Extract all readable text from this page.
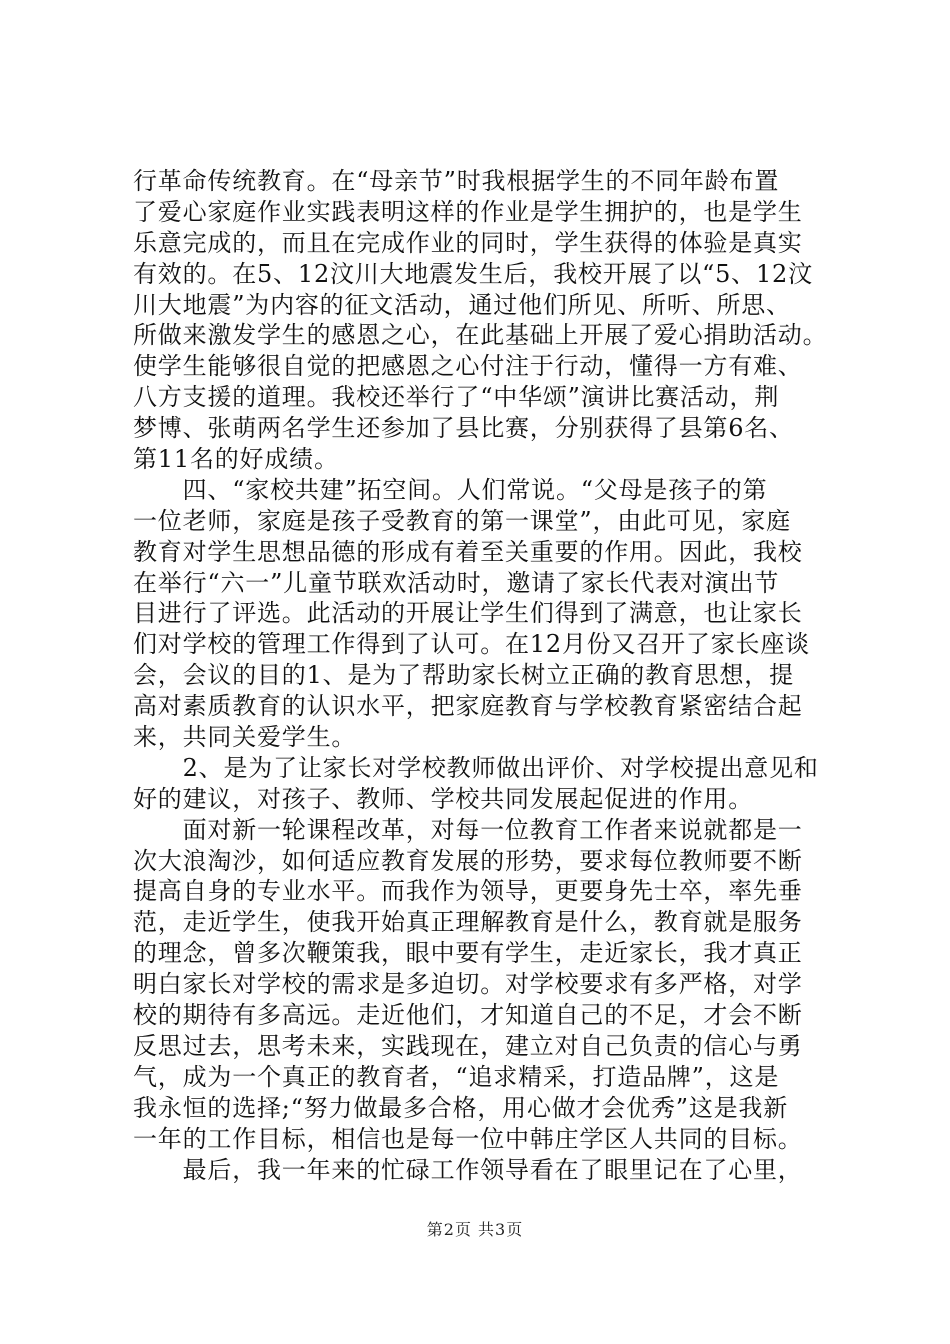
行革命传统教育。在“母亲节”时我根据学生的不同年龄布置
了爱心家庭作业实践表明这样的作业是学生拥护的，也是学生
乐意完成的，而且在完成作业的同时，学生获得的体验是真实
有效的。在5、12汶川大地震发生后，我校开展了以“5、12汶
川大地震”为内容的征文活动，通过他们所见、所听、所思、
所做来激发学生的感恩之心，在此基础上开展了爱心捐助活动。
使学生能够很自觉的把感恩之心付注于行动，懂得一方有难、
八方支援的道理。我校还举行了“中华颂”演讲比赛活动，荆
梦博、张萌两名学生还参加了县比赛，分别获得了县第6名、
第11名的好成绩。
　　四、“家校共建”拓空间。人们常说。“父母是孩子的第
一位老师，家庭是孩子受教育的第一课堂”，由此可见，家庭
教育对学生思想品德的形成有着至关重要的作用。因此，我校
在举行“六一”儿童节联欢活动时，邀请了家长代表对演出节
目进行了评选。此活动的开展让学生们得到了满意，也让家长
们对学校的管理工作得到了认可。在12月份又召开了家长座谈
会，会议的目的1、是为了帮助家长树立正确的教育思想，提
高对素质教育的认识水平，把家庭教育与学校教育紧密结合起
来，共同关爱学生。
　　2、是为了让家长对学校教师做出评价、对学校提出意见和
好的建议，对孩子、教师、学校共同发展起促进的作用。
　　面对新一轮课程改革，对每一位教育工作者来说就都是一
次大浪淘沙，如何适应教育发展的形势，要求每位教师要不断
提高自身的专业水平。而我作为领导，更要身先士卒，率先垂
范，走近学生，使我开始真正理解教育是什么，教育就是服务
的理念，曾多次鞭策我，眼中要有学生，走近家长，我才真正
明白家长对学校的需求是多迫切。对学校要求有多严格，对学
校的期待有多高远。走近他们，才知道自己的不足，才会不断
反思过去，思考未来，实践现在，建立对自己负责的信心与勇
气，成为一个真正的教育者，“追求精采，打造品牌”，这是
我永恒的选择;“努力做最多合格，用心做才会优秀”这是我新
一年的工作目标，相信也是每一位中韩庄学区人共同的目标。
　　最后，我一年来的忙碌工作领导看在了眼里记在了心里，
第2页 共3页
